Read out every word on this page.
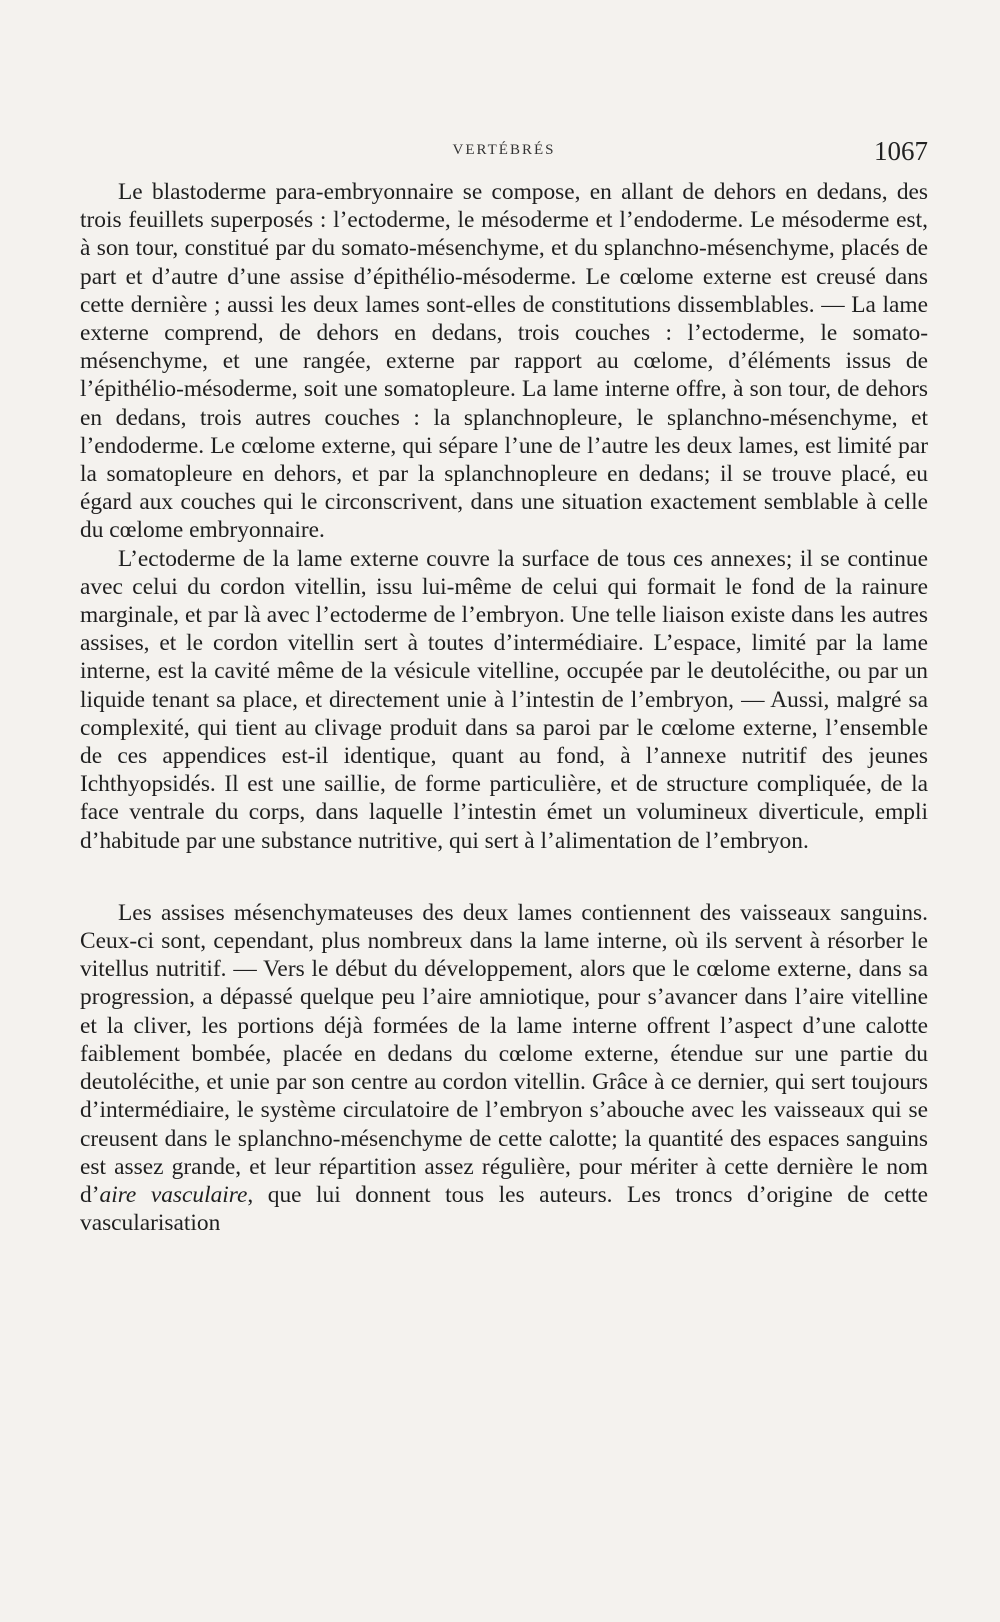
VERTÉBRÉS	1067

Le blastoderme para-embryonnaire se compose, en allant de dehors en dedans, des trois feuillets superposés : l’ectoderme, le mésoderme et l’endoderme. Le mésoderme est, à son tour, constitué par du somato-mésenchyme, et du splanchno-mésenchyme, placés de part et d’autre d’une assise d’épithélio-mésoderme. Le cœlome externe est creusé dans cette dernière ; aussi les deux lames sont-elles de constitutions dissemblables. — La lame externe comprend, de dehors en dedans, trois couches : l’ectoderme, le somato-mésenchyme, et une rangée, externe par rapport au cœlome, d’éléments issus de l’épithélio-mésoderme, soit une somatopleure. La lame interne offre, à son tour, de dehors en dedans, trois autres couches : la splanchnopleure, le splanchno-mésenchyme, et l’endoderme. Le cœlome externe, qui sépare l’une de l’autre les deux lames, est limité par la somatopleure en dehors, et par la splanchnopleure en dedans; il se trouve placé, eu égard aux couches qui le circonscrivent, dans une situation exactement semblable à celle du cœlome embryonnaire.

L’ectoderme de la lame externe couvre la surface de tous ces annexes; il se continue avec celui du cordon vitellin, issu lui-même de celui qui formait le fond de la rainure marginale, et par là avec l’ectoderme de l’embryon. Une telle liaison existe dans les autres assises, et le cordon vitellin sert à toutes d’intermédiaire. L’espace, limité par la lame interne, est la cavité même de la vésicule vitelline, occupée par le deutolécithe, ou par un liquide tenant sa place, et directement unie à l’intestin de l’embryon, — Aussi, malgré sa complexité, qui tient au clivage produit dans sa paroi par le cœlome externe, l’ensemble de ces appendices est-il identique, quant au fond, à l’annexe nutritif des jeunes Ichthyopsidés. Il est une saillie, de forme particulière, et de structure compliquée, de la face ventrale du corps, dans laquelle l’intestin émet un volumineux diverticule, empli d’habitude par une substance nutritive, qui sert à l’alimentation de l’embryon.

Les assises mésenchymateuses des deux lames contiennent des vaisseaux sanguins. Ceux-ci sont, cependant, plus nombreux dans la lame interne, où ils servent à résorber le vitellus nutritif. — Vers le début du développement, alors que le cœlome externe, dans sa progression, a dépassé quelque peu l’aire amniotique, pour s’avancer dans l’aire vitelline et la cliver, les portions déjà formées de la lame interne offrent l’aspect d’une calotte faiblement bombée, placée en dedans du cœlome externe, étendue sur une partie du deutolécithe, et unie par son centre au cordon vitellin. Grâce à ce dernier, qui sert toujours d’intermédiaire, le système circulatoire de l’embryon s’abouche avec les vaisseaux qui se creusent dans le splanchno-mésenchyme de cette calotte; la quantité des espaces sanguins est assez grande, et leur répartition assez régulière, pour mériter à cette dernière le nom d’aire vasculaire, que lui donnent tous les auteurs. Les troncs d’origine de cette vascularisation
